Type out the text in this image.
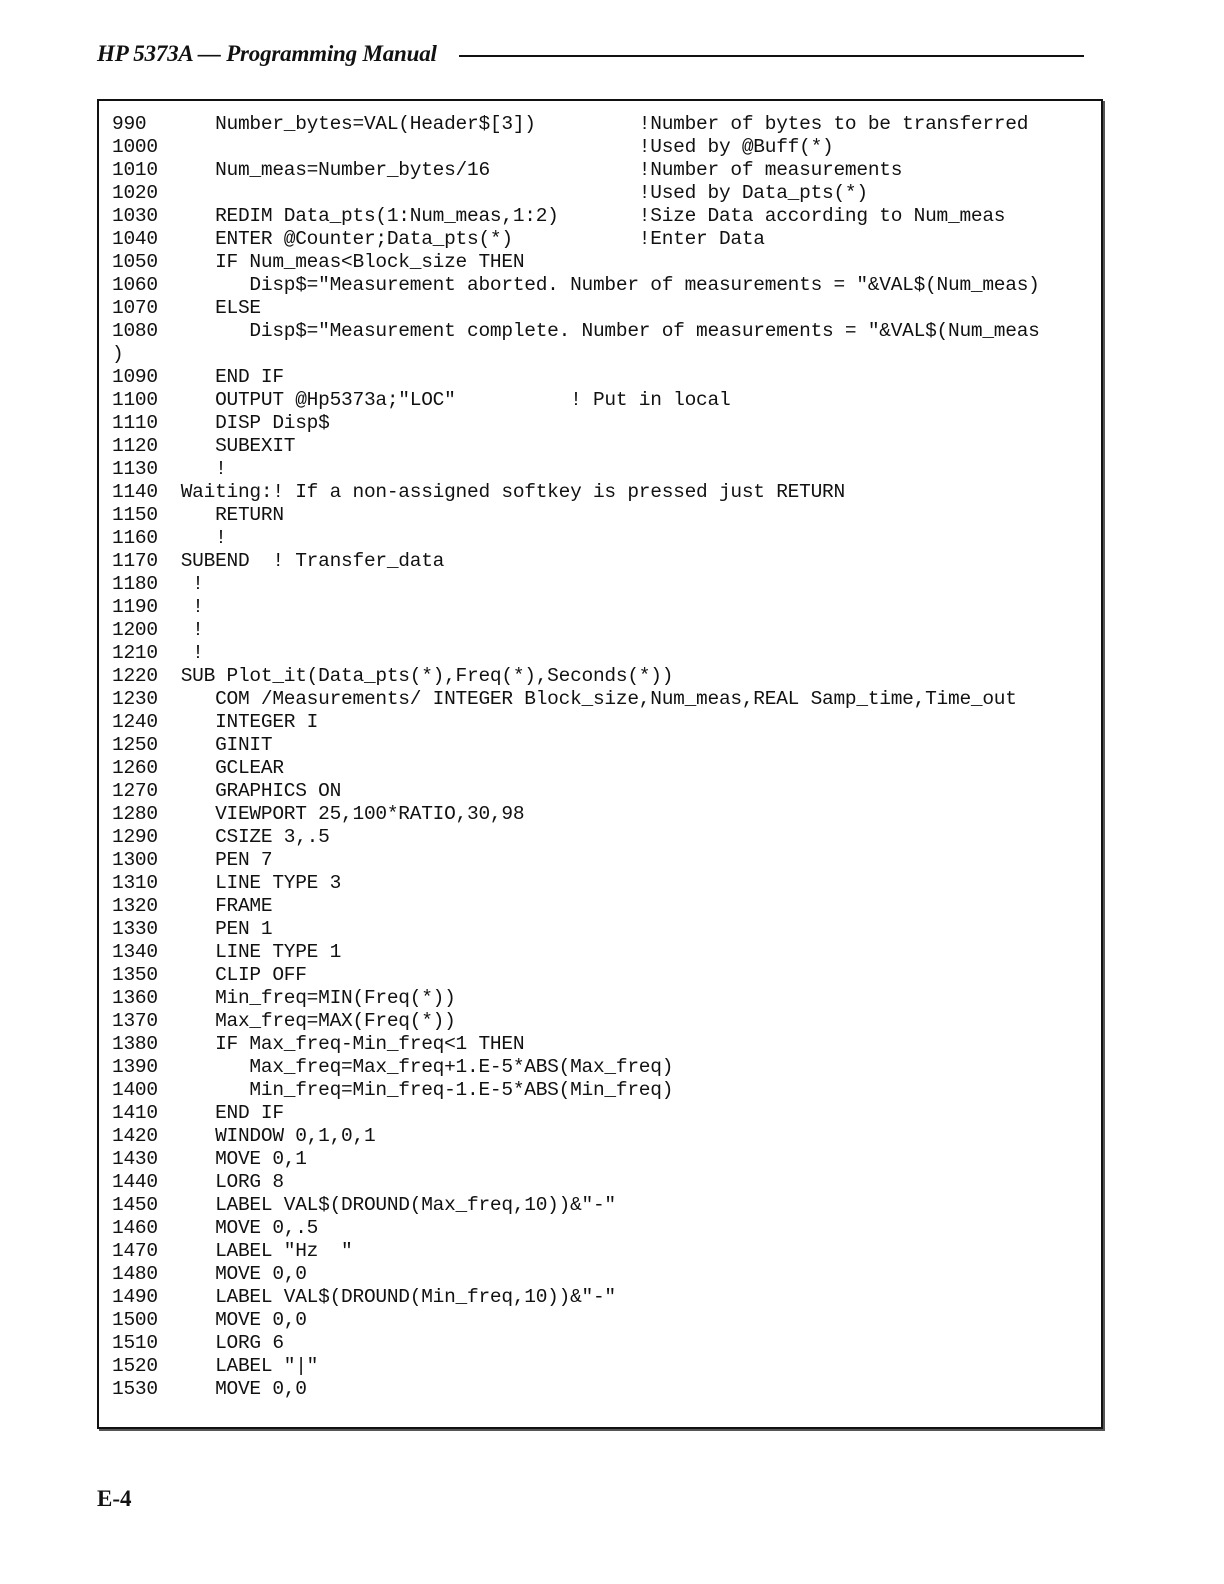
HP 5373A — Programming Manual
990      Number_bytes=VAL(Header$[3])         !Number of bytes to be transferred
1000                                          !Used by @Buff(*)
1010     Num_meas=Number_bytes/16             !Number of measurements
1020                                          !Used by Data_pts(*)
1030     REDIM Data_pts(1:Num_meas,1:2)       !Size Data according to Num_meas
1040     ENTER @Counter;Data_pts(*)           !Enter Data
1050     IF Num_meas<Block_size THEN
1060        Disp$="Measurement aborted. Number of measurements = "&VAL$(Num_meas)
1070     ELSE
1080        Disp$="Measurement complete. Number of measurements = "&VAL$(Num_meas
)
1090     END IF
1100     OUTPUT @Hp5373a;"LOC"          ! Put in local
1110     DISP Disp$
1120     SUBEXIT
1130     !
1140  Waiting:! If a non-assigned softkey is pressed just RETURN
1150     RETURN
1160     !
1170  SUBEND  ! Transfer_data
1180   !
1190   !
1200   !
1210   !
1220  SUB Plot_it(Data_pts(*),Freq(*),Seconds(*))
1230     COM /Measurements/ INTEGER Block_size,Num_meas,REAL Samp_time,Time_out
1240     INTEGER I
1250     GINIT
1260     GCLEAR
1270     GRAPHICS ON
1280     VIEWPORT 25,100*RATIO,30,98
1290     CSIZE 3,.5
1300     PEN 7
1310     LINE TYPE 3
1320     FRAME
1330     PEN 1
1340     LINE TYPE 1
1350     CLIP OFF
1360     Min_freq=MIN(Freq(*))
1370     Max_freq=MAX(Freq(*))
1380     IF Max_freq-Min_freq<1 THEN
1390        Max_freq=Max_freq+1.E-5*ABS(Max_freq)
1400        Min_freq=Min_freq-1.E-5*ABS(Min_freq)
1410     END IF
1420     WINDOW 0,1,0,1
1430     MOVE 0,1
1440     LORG 8
1450     LABEL VAL$(DROUND(Max_freq,10))&"-"
1460     MOVE 0,.5
1470     LABEL "Hz  "
1480     MOVE 0,0
1490     LABEL VAL$(DROUND(Min_freq,10))&"-"
1500     MOVE 0,0
1510     LORG 6
1520     LABEL "|"
1530     MOVE 0,0
E-4
